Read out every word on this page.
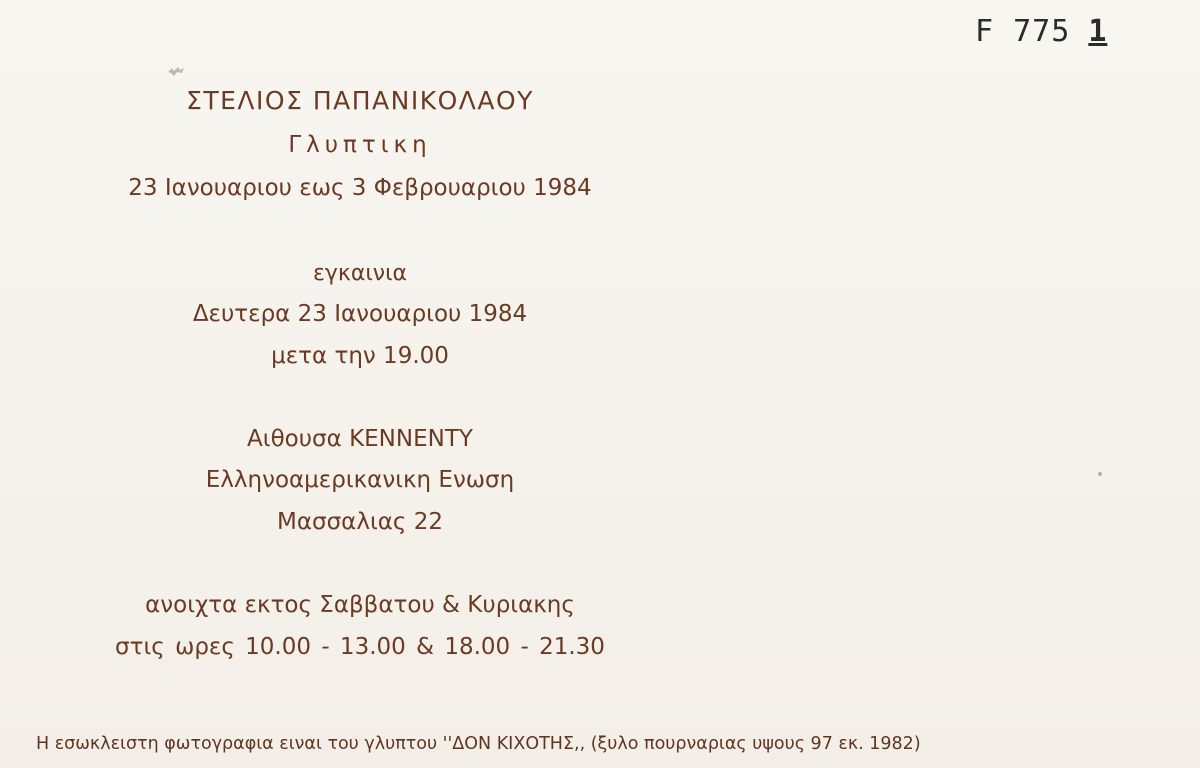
F 775 1
ΣΤΕΛΙΟΣ ΠΑΠΑΝΙΚΟΛΑΟΥ
Γλυπτικη
23 Ιανουαριου εως 3 Φεβρουαριου 1984
εγκαινια
Δευτερα 23 Ιανουαριου 1984
μετα την 19.00
Αιθουσα KENNENTY
Ελληνοαμερικανικη Ενωση
Μασσαλιας 22
ανοιχτα εκτος Σαββατου & Κυριακης
στις ωρες 10.00 - 13.00 & 18.00 - 21.30
Η εσωκλειστη φωτογραφια ειναι του γλυπτου ''ΔΟΝ ΚΙΧΟΤΗΣ,, (ξυλο πουρναριας υψους 97 εκ. 1982)
